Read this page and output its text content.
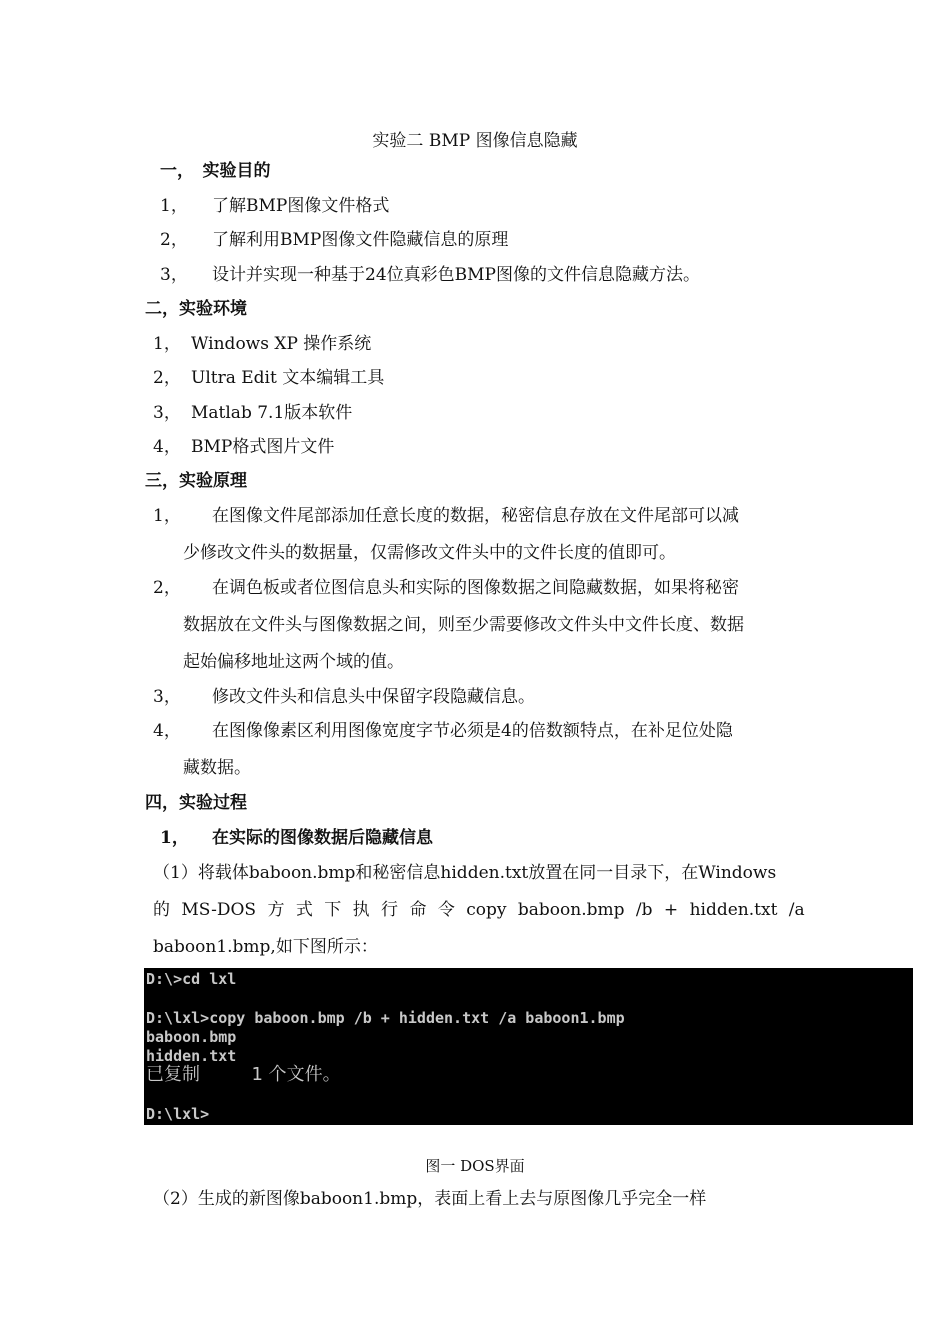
实验二 BMP 图像信息隐藏
一，　实验目的
1， 了解BMP图像文件格式
2， 了解利用BMP图像文件隐藏信息的原理
3， 设计并实现一种基于24位真彩色BMP图像的文件信息隐藏方法。
二，实验环境
1， Windows XP 操作系统
2， Ultra Edit 文本编辑工具
3， Matlab 7.1版本软件
4， BMP格式图片文件
三，实验原理
1， 在图像文件尾部添加任意长度的数据，秘密信息存放在文件尾部可以减
少修改文件头的数据量，仅需修改文件头中的文件长度的值即可。
2， 在调色板或者位图信息头和实际的图像数据之间隐藏数据，如果将秘密
数据放在文件头与图像数据之间，则至少需要修改文件头中文件长度、数据
起始偏移地址这两个域的值。
3， 修改文件头和信息头中保留字段隐藏信息。
4， 在图像像素区利用图像宽度字节必须是4的倍数额特点，在补足位处隐
藏数据。
四，实验过程
1， 在实际的图像数据后隐藏信息
（1）将载体baboon.bmp和秘密信息hidden.txt放置在同一目录下，在Windows
的 MS-DOS 方 式 下 执 行 命 令 copy baboon.bmp /b + hidden.txt /a
baboon1.bmp,如下图所示：
D:\>cd lxl
D:\lxl>copy baboon.bmp /b + hidden.txt /a baboon1.bmp
baboon.bmp
hidden.txt
已复制         1 个文件。
D:\lxl>
图一 DOS界面
（2）生成的新图像baboon1.bmp，表面上看上去与原图像几乎完全一样
